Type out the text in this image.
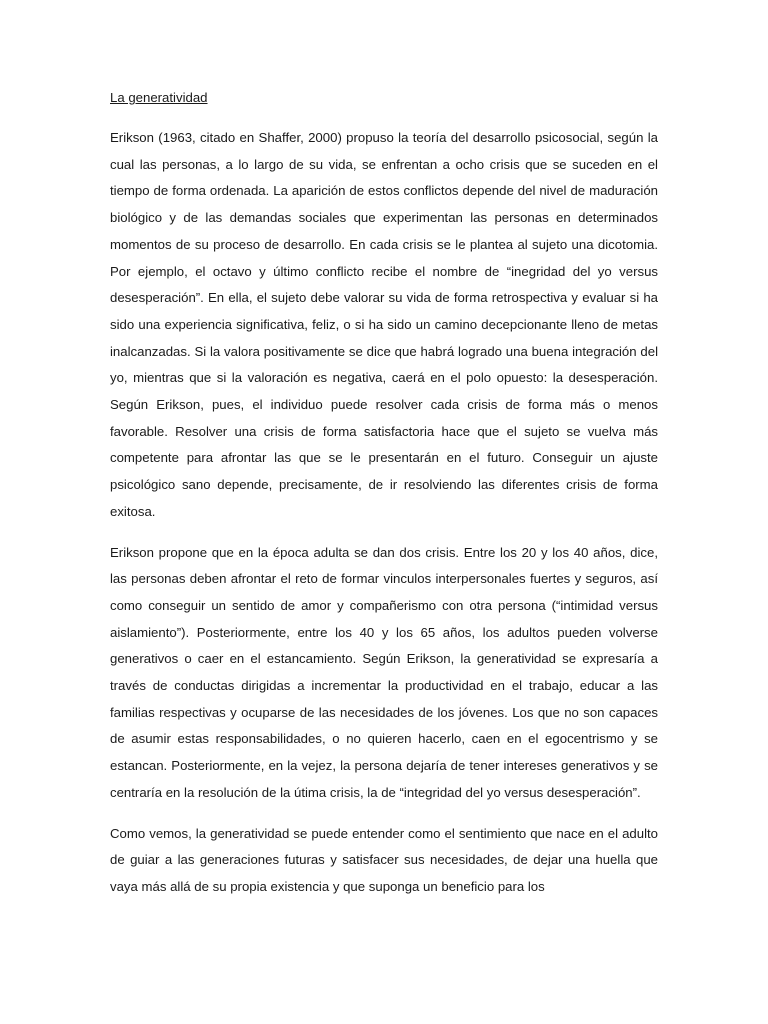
La generatividad

Erikson (1963, citado en Shaffer, 2000) propuso la teoría del desarrollo psicosocial, según la cual las personas, a lo largo de su vida, se enfrentan a ocho crisis que se suceden en el tiempo de forma ordenada. La aparición de estos conflictos depende del nivel de maduración biológico y de las demandas sociales que experimentan las personas en determinados momentos de su proceso de desarrollo. En cada crisis se le plantea al sujeto una dicotomia. Por ejemplo, el octavo y último conflicto recibe el nombre de “inegridad del yo versus desesperación”. En ella, el sujeto debe valorar su vida de forma retrospectiva y evaluar si ha sido una experiencia significativa, feliz, o si ha sido un camino decepcionante lleno de metas inalcanzadas. Si la valora positivamente se dice que habrá logrado una buena integración del yo, mientras que si la valoración es negativa, caerá en el polo opuesto: la desesperación. Según Erikson, pues, el individuo puede resolver cada crisis de forma más o menos favorable. Resolver una crisis de forma satisfactoria hace que el sujeto se vuelva más competente para afrontar las que se le presentarán en el futuro. Conseguir un ajuste psicológico sano depende, precisamente, de ir resolviendo las diferentes crisis de forma exitosa.

Erikson propone que en la época adulta se dan dos crisis. Entre los 20 y los 40 años, dice, las personas deben afrontar el reto de formar vinculos interpersonales fuertes y seguros, así como conseguir un sentido de amor y compañerismo con otra persona (“intimidad versus aislamiento”). Posteriormente, entre los 40 y los 65 años, los adultos pueden volverse generativos o caer en el estancamiento. Según Erikson, la generatividad se expresaría a través de conductas dirigidas a incrementar la productividad en el trabajo, educar a las familias respectivas y ocuparse de las necesidades de los jóvenes. Los que no son capaces de asumir estas responsabilidades, o no quieren hacerlo, caen en el egocentrismo y se estancan. Posteriormente, en la vejez, la persona dejaría de tener intereses generativos y se centraría en la resolución de la útima crisis, la de “integridad del yo versus desesperación”.

Como vemos, la generatividad se puede entender como el sentimiento que nace en el adulto de guiar a las generaciones futuras y satisfacer sus necesidades, de dejar una huella que vaya más allá de su propia existencia y que suponga un beneficio para los
